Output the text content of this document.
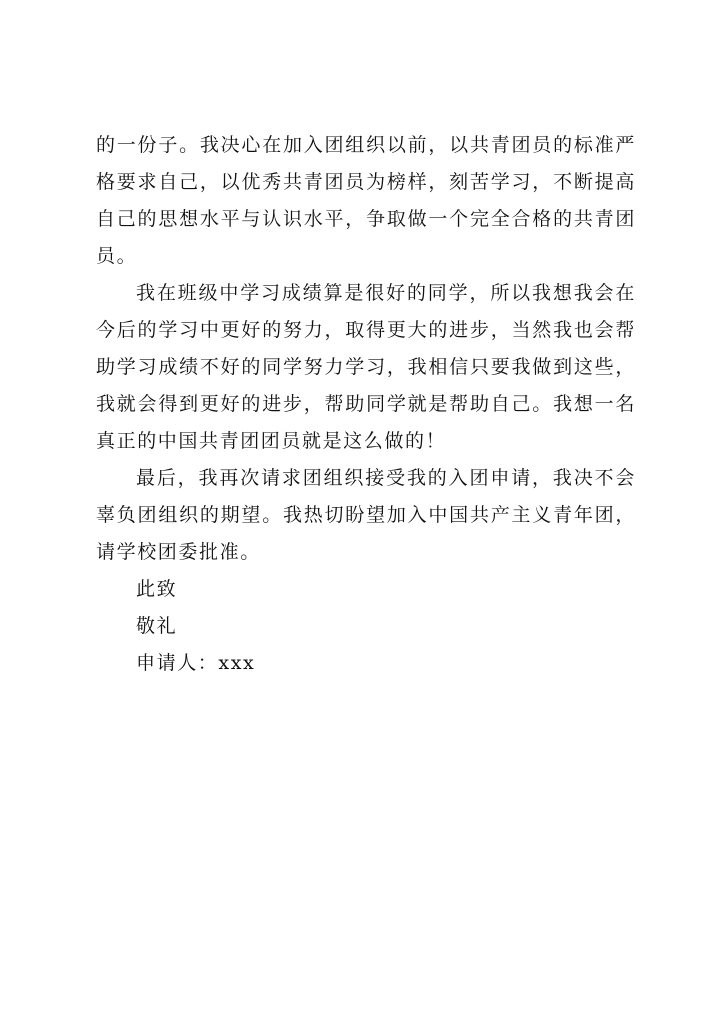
的一份子。我决心在加入团组织以前，以共青团员的标准严格要求自己，以优秀共青团员为榜样，刻苦学习，不断提高自己的思想水平与认识水平，争取做一个完全合格的共青团员。

我在班级中学习成绩算是很好的同学，所以我想我会在今后的学习中更好的努力，取得更大的进步，当然我也会帮助学习成绩不好的同学努力学习，我相信只要我做到这些，我就会得到更好的进步，帮助同学就是帮助自己。我想一名真正的中国共青团团员就是这么做的！

最后，我再次请求团组织接受我的入团申请，我决不会辜负团组织的期望。我热切盼望加入中国共产主义青年团，请学校团委批准。

此致

敬礼

申请人：xxx
